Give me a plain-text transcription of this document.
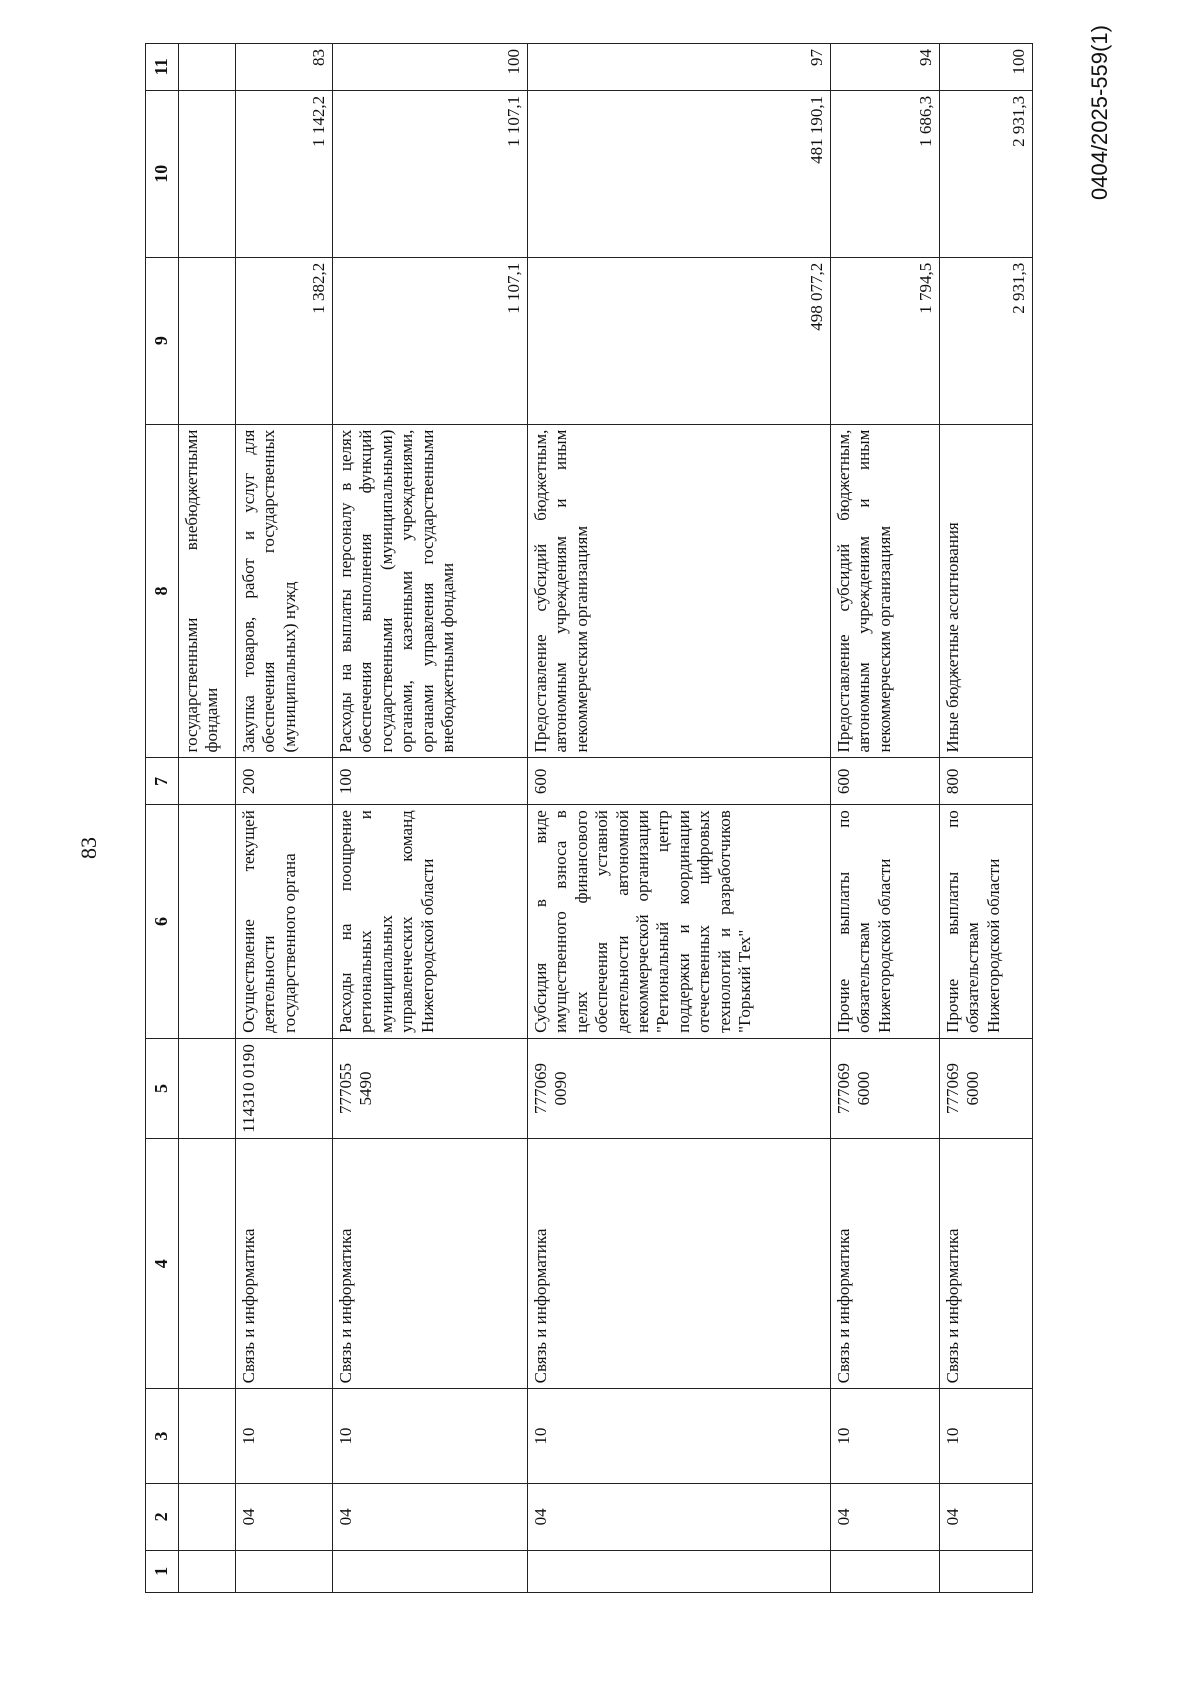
83
0404/2025-559(1)
1	2	3	4	5	6	7	8	9	10	11
							государственными внебюджетными фондами			
	04	10	Связь и информатика	114310 0190	Осуществление текущей деятельности государственного органа	200	Закупка товаров, работ и услуг для обеспечения государственных (муниципальных) нужд	1 382,2	1 142,2	83
	04	10	Связь и информатика	777055 5490	Расходы на поощрение региональных и муниципальных управленческих команд Нижегородской области	100	Расходы на выплаты персоналу в целях обеспечения выполнения функций государственными (муниципальными) органами, казенными учреждениями, органами управления государственными внебюджетными фондами	1 107,1	1 107,1	100
	04	10	Связь и информатика	777069 0090	Субсидия в виде имущественного взноса в целях финансового обеспечения уставной деятельности автономной некоммерческой организации "Региональный центр поддержки и координации отечественных цифровых технологий и разработчиков "Горький Тех"	600	Предоставление субсидий бюджетным, автономным учреждениям и иным некоммерческим организациям	498 077,2	481 190,1	97
	04	10	Связь и информатика	777069 6000	Прочие выплаты по обязательствам Нижегородской области	600	Предоставление субсидий бюджетным, автономным учреждениям и иным некоммерческим организациям	1 794,5	1 686,3	94
	04	10	Связь и информатика	777069 6000	Прочие выплаты по обязательствам Нижегородской области	800	Иные бюджетные ассигнования	2 931,3	2 931,3	100
